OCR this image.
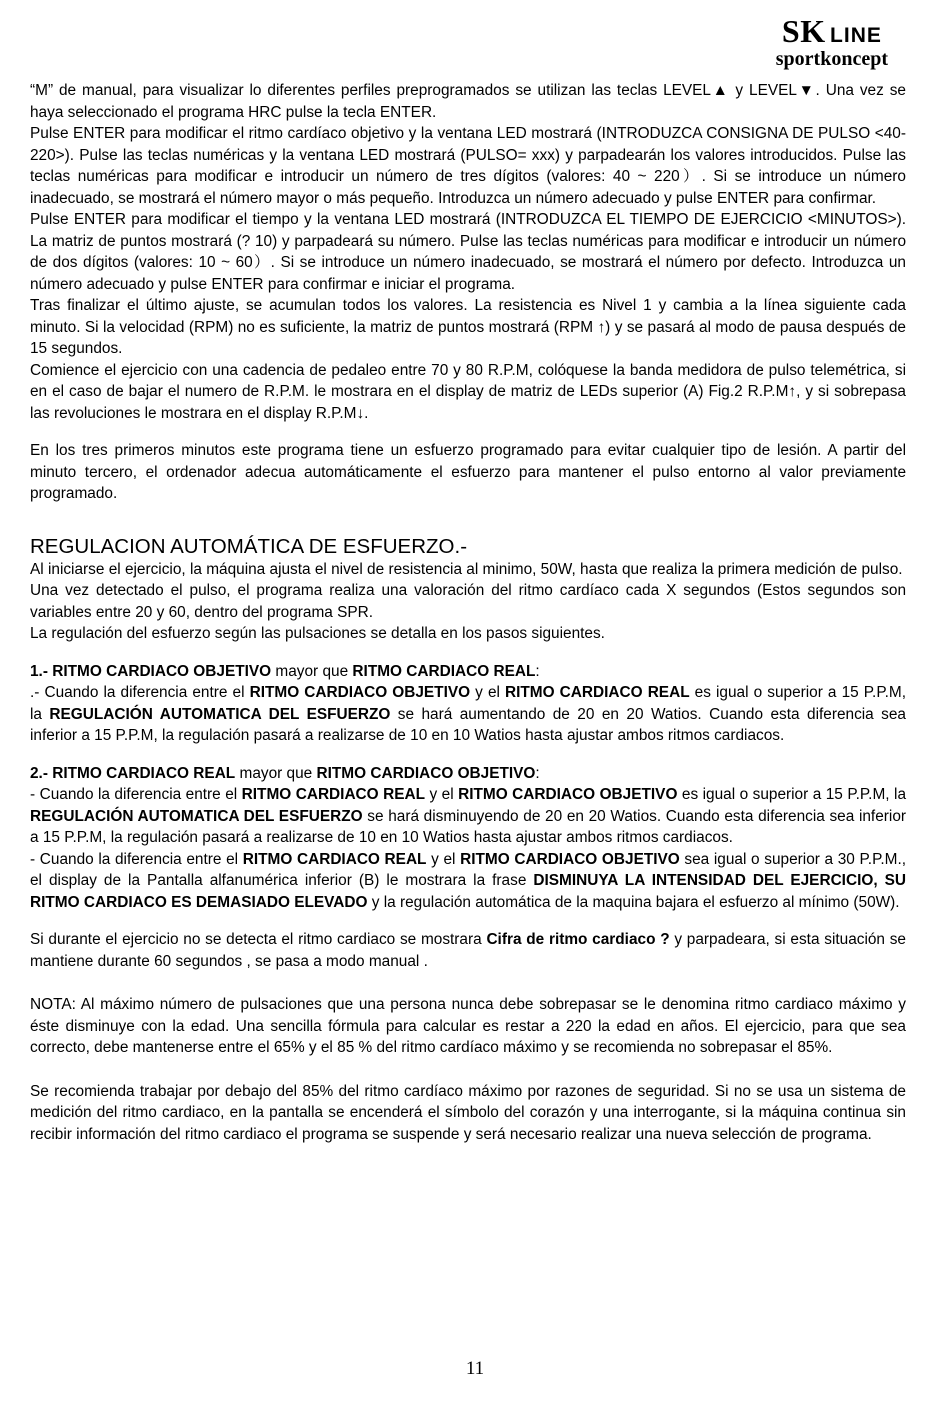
SK LINE
sportkoncept

“M” de manual, para visualizar lo diferentes perfiles preprogramados se utilizan las teclas LEVEL▲ y LEVEL▼. Una vez se haya seleccionado el programa HRC pulse la tecla ENTER.

Pulse ENTER para modificar el ritmo cardíaco objetivo y la ventana LED mostrará (INTRODUZCA CONSIGNA DE PULSO <40-220>). Pulse las teclas numéricas y la ventana LED mostrará (PULSO= xxx) y parpadearán los valores introducidos. Pulse las teclas numéricas para modificar e introducir un número de tres dígitos (valores: 40 ~ 220）. Si se introduce un número inadecuado, se mostrará el número mayor o más pequeño. Introduzca un número adecuado y pulse ENTER para confirmar.

Pulse ENTER para modificar el tiempo y la ventana LED mostrará (INTRODUZCA EL TIEMPO DE EJERCICIO <MINUTOS>). La matriz de puntos mostrará (? 10) y parpadeará su número. Pulse las teclas numéricas para modificar e introducir un número de dos dígitos (valores: 10 ~ 60）. Si se introduce un número inadecuado, se mostrará el número por defecto. Introduzca un número adecuado y pulse ENTER para confirmar e iniciar el programa.

Tras finalizar el último ajuste, se acumulan todos los valores. La resistencia es Nivel 1 y cambia a la línea siguiente cada minuto. Si la velocidad (RPM) no es suficiente, la matriz de puntos mostrará (RPM ↑) y se pasará al modo de pausa después de 15 segundos.

Comience el ejercicio con una cadencia de pedaleo entre 70 y 80 R.P.M, colóquese la banda medidora de pulso telemétrica, si en el caso de bajar el numero de R.P.M. le mostrara en el display de matriz de LEDs superior (A) Fig.2 R.P.M↑, y si sobrepasa las revoluciones le mostrara en el display R.P.M↓.

En los tres primeros minutos este programa tiene un esfuerzo programado para evitar cualquier tipo de lesión. A partir del minuto tercero, el ordenador adecua automáticamente el esfuerzo para mantener el pulso entorno al valor previamente programado.

REGULACION AUTOMÁTICA DE ESFUERZO.-

Al iniciarse el ejercicio, la máquina ajusta el nivel de resistencia al minimo, 50W, hasta que realiza la primera medición de pulso.

Una vez detectado el pulso, el programa realiza una valoración del ritmo cardíaco cada X segundos (Estos segundos son variables entre 20 y 60, dentro del programa SPR.

La regulación del esfuerzo según las pulsaciones se detalla en los pasos siguientes.

1.- RITMO CARDIACO OBJETIVO mayor que RITMO CARDIACO REAL:

.- Cuando la diferencia entre el RITMO CARDIACO OBJETIVO y el RITMO CARDIACO REAL es igual o superior a 15 P.P.M, la REGULACIÓN AUTOMATICA DEL ESFUERZO se hará aumentando de 20 en 20 Watios. Cuando esta diferencia sea inferior a 15 P.P.M, la regulación pasará a realizarse de 10 en 10 Watios hasta ajustar ambos ritmos cardiacos.

2.- RITMO CARDIACO REAL mayor que RITMO CARDIACO OBJETIVO:

- Cuando la diferencia entre el RITMO CARDIACO REAL y el RITMO CARDIACO OBJETIVO es igual o superior a 15 P.P.M, la REGULACIÓN AUTOMATICA DEL ESFUERZO se hará disminuyendo de 20 en 20 Watios. Cuando esta diferencia sea inferior a 15 P.P.M, la regulación pasará a realizarse de 10 en 10 Watios hasta ajustar ambos ritmos cardiacos.

- Cuando la diferencia entre el RITMO CARDIACO REAL y el RITMO CARDIACO OBJETIVO sea igual o superior a 30 P.P.M., el display de la Pantalla alfanumérica inferior (B) le mostrara la frase DISMINUYA LA INTENSIDAD DEL EJERCICIO, SU RITMO CARDIACO ES DEMASIADO ELEVADO y la regulación automática de la maquina bajara el esfuerzo al mínimo (50W).

Si durante el ejercicio no se detecta el ritmo cardiaco se mostrara Cifra de ritmo cardiaco ? y parpadeara, si esta situación se mantiene durante 60 segundos , se pasa a modo manual .

NOTA: Al máximo número de pulsaciones que una persona nunca debe sobrepasar se le denomina ritmo cardiaco máximo y éste disminuye con la edad. Una sencilla fórmula para calcular es restar a 220 la edad en años. El ejercicio, para que sea correcto, debe mantenerse entre el 65% y el 85 % del ritmo cardíaco máximo y se recomienda no sobrepasar el 85%.

Se recomienda trabajar por debajo del 85% del ritmo cardíaco máximo por razones de seguridad. Si no se usa un sistema de medición del ritmo cardiaco, en la pantalla se encenderá el símbolo del corazón y una interrogante, si la máquina continua sin recibir información del ritmo cardiaco el programa se suspende y será necesario realizar una nueva selección de programa.

11
